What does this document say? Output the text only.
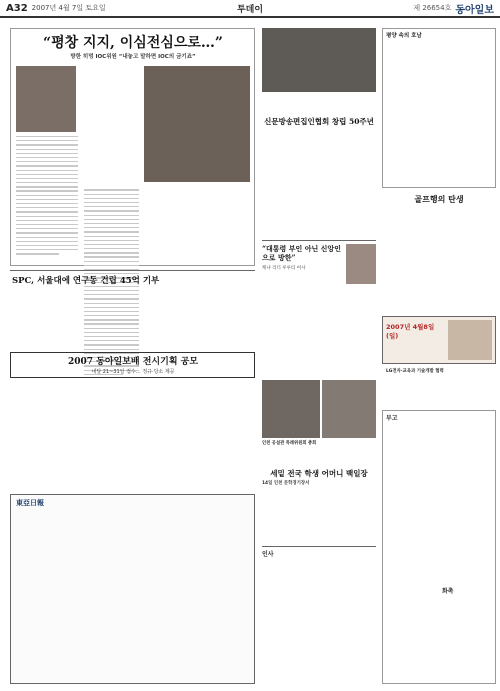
A32 2007년 4월 7일 토요일	투데이	제 26654호 동아일보
“평창 지지, 이심전심으로…”
방한 히멍 IOC위원 “내놓고 말하면 IOC의 금기죠”
SPC, 서울대에 연구동 건립 45억 기부
2007 동아일보배 전시기획 공모
내달 21~31일 접수… 정규·당소 제공
東亞日報
신문방송편집인협회 창립 50주년
“대통령 부인 아닌 신앙인으로 방한”
케냐 리더 루루티 여사
인천 공설관 특례위원회 총회
세밑 전국 학생 어머니 백일장
14일 인천 문학경기장서
인사
평양 속의 호남
골프행의 탄생
2007년 4월8일(일)
LG전자·교육과 기술개발 협력
부고
화촉
